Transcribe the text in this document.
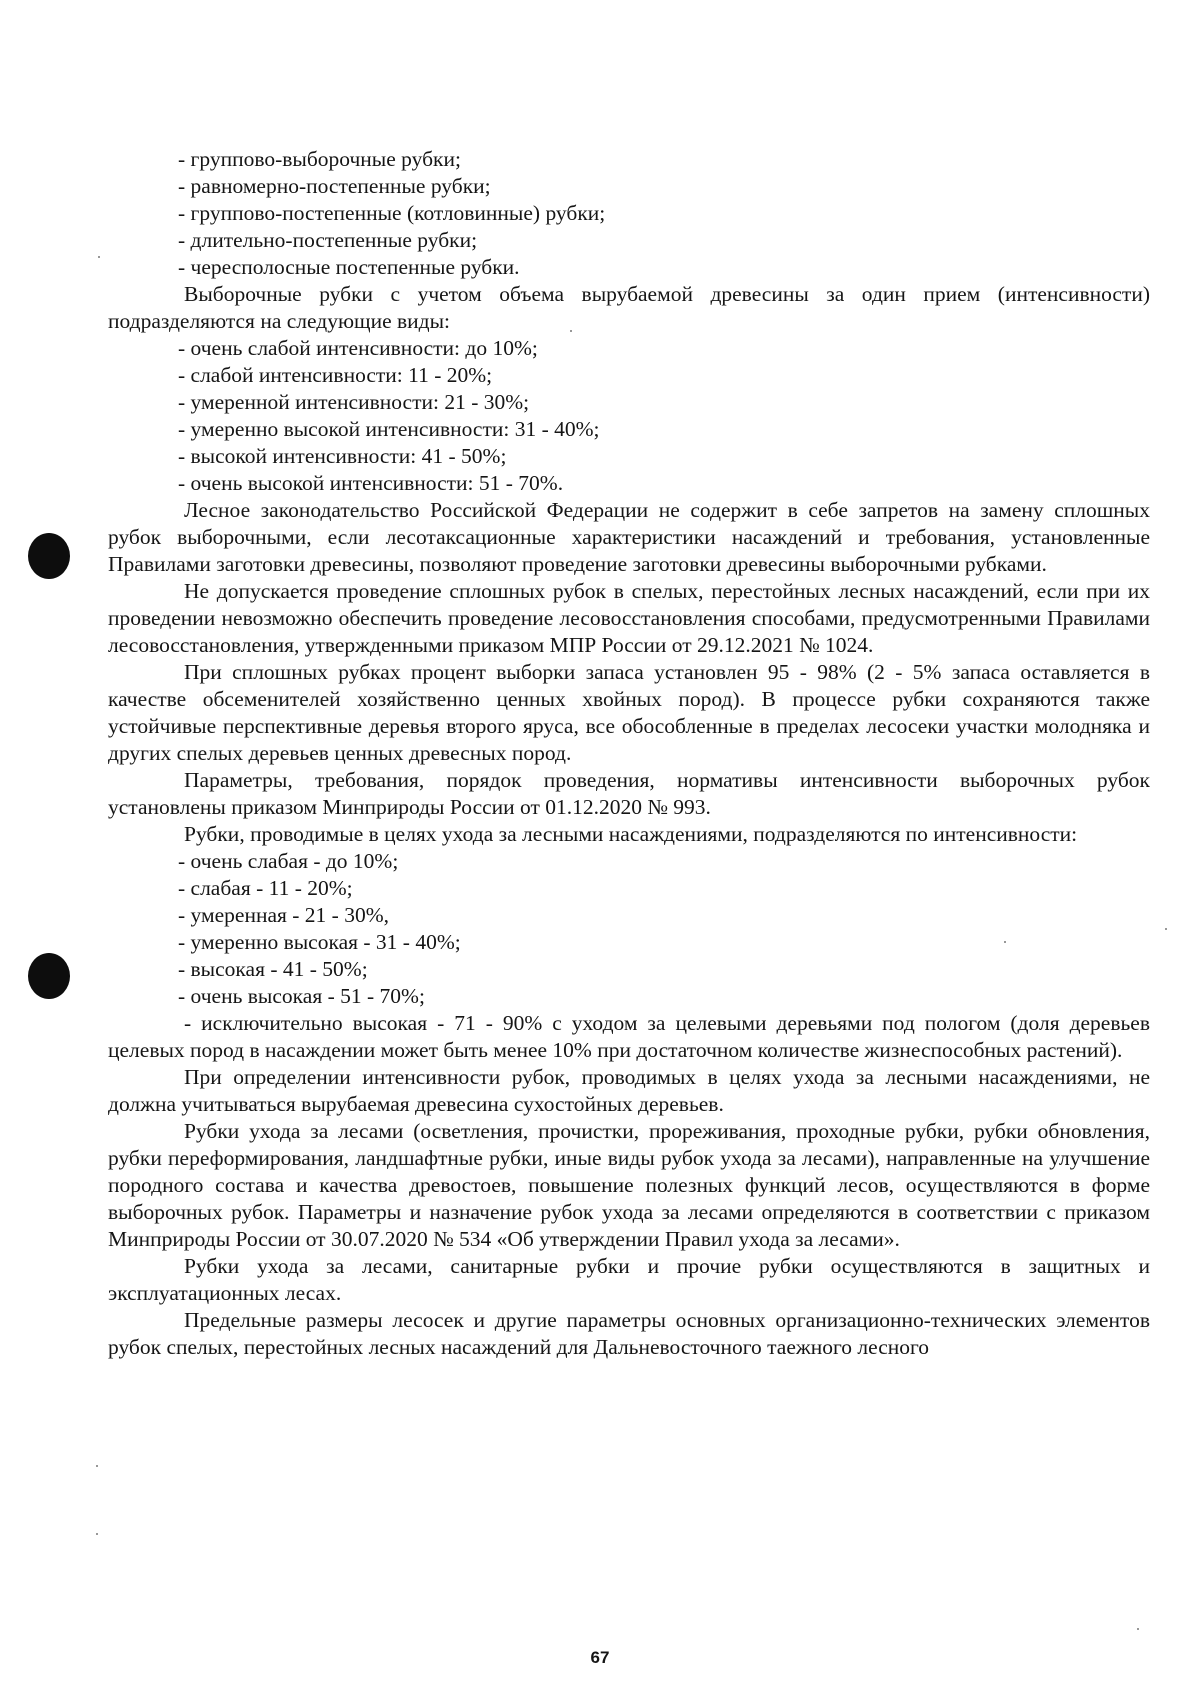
- группово-выборочные рубки;
- равномерно-постепенные рубки;
- группово-постепенные (котловинные) рубки;
- длительно-постепенные рубки;
- чересполосные постепенные рубки.

Выборочные рубки с учетом объема вырубаемой древесины за один прием (интенсивности) подразделяются на следующие виды:

- очень слабой интенсивности: до 10%;
- слабой интенсивности: 11 - 20%;
- умеренной интенсивности: 21 - 30%;
- умеренно высокой интенсивности: 31 - 40%;
- высокой интенсивности: 41 - 50%;
- очень высокой интенсивности: 51 - 70%.

Лесное законодательство Российской Федерации не содержит в себе запретов на замену сплошных рубок выборочными, если лесотаксационные характеристики насаждений и требования, установленные Правилами заготовки древесины, позволяют проведение заготовки древесины выборочными рубками.

Не допускается проведение сплошных рубок в спелых, перестойных лесных насаждений, если при их проведении невозможно обеспечить проведение лесовосстановления способами, предусмотренными Правилами лесовосстановления, утвержденными приказом МПР России от 29.12.2021 № 1024.

При сплошных рубках процент выборки запаса установлен 95 - 98% (2 - 5% запаса оставляется в качестве обсеменителей хозяйственно ценных хвойных пород). В процессе рубки сохраняются также устойчивые перспективные деревья второго яруса, все обособленные в пределах лесосеки участки молодняка и других спелых деревьев ценных древесных пород.

Параметры, требования, порядок проведения, нормативы интенсивности выборочных рубок установлены приказом Минприроды России от 01.12.2020 № 993.

Рубки, проводимые в целях ухода за лесными насаждениями, подразделяются по интенсивности:

- очень слабая - до 10%;
- слабая - 11 - 20%;
- умеренная - 21 - 30%,
- умеренно высокая - 31 - 40%;
- высокая - 41 - 50%;
- очень высокая - 51 - 70%;

- исключительно высокая - 71 - 90% с уходом за целевыми деревьями под пологом (доля деревьев целевых пород в насаждении может быть менее 10% при достаточном количестве жизнеспособных растений).

При определении интенсивности рубок, проводимых в целях ухода за лесными насаждениями, не должна учитываться вырубаемая древесина сухостойных деревьев.

Рубки ухода за лесами (осветления, прочистки, прореживания, проходные рубки, рубки обновления, рубки переформирования, ландшафтные рубки, иные виды рубок ухода за лесами), направленные на улучшение породного состава и качества древостоев, повышение полезных функций лесов, осуществляются в форме выборочных рубок. Параметры и назначение рубок ухода за лесами определяются в соответствии с приказом Минприроды России от 30.07.2020 № 534 «Об утверждении Правил ухода за лесами».

Рубки ухода за лесами, санитарные рубки и прочие рубки осуществляются в защитных и эксплуатационных лесах.

Предельные размеры лесосек и другие параметры основных организационно-технических элементов рубок спелых, перестойных лесных насаждений для Дальневосточного таежного лесного

67
